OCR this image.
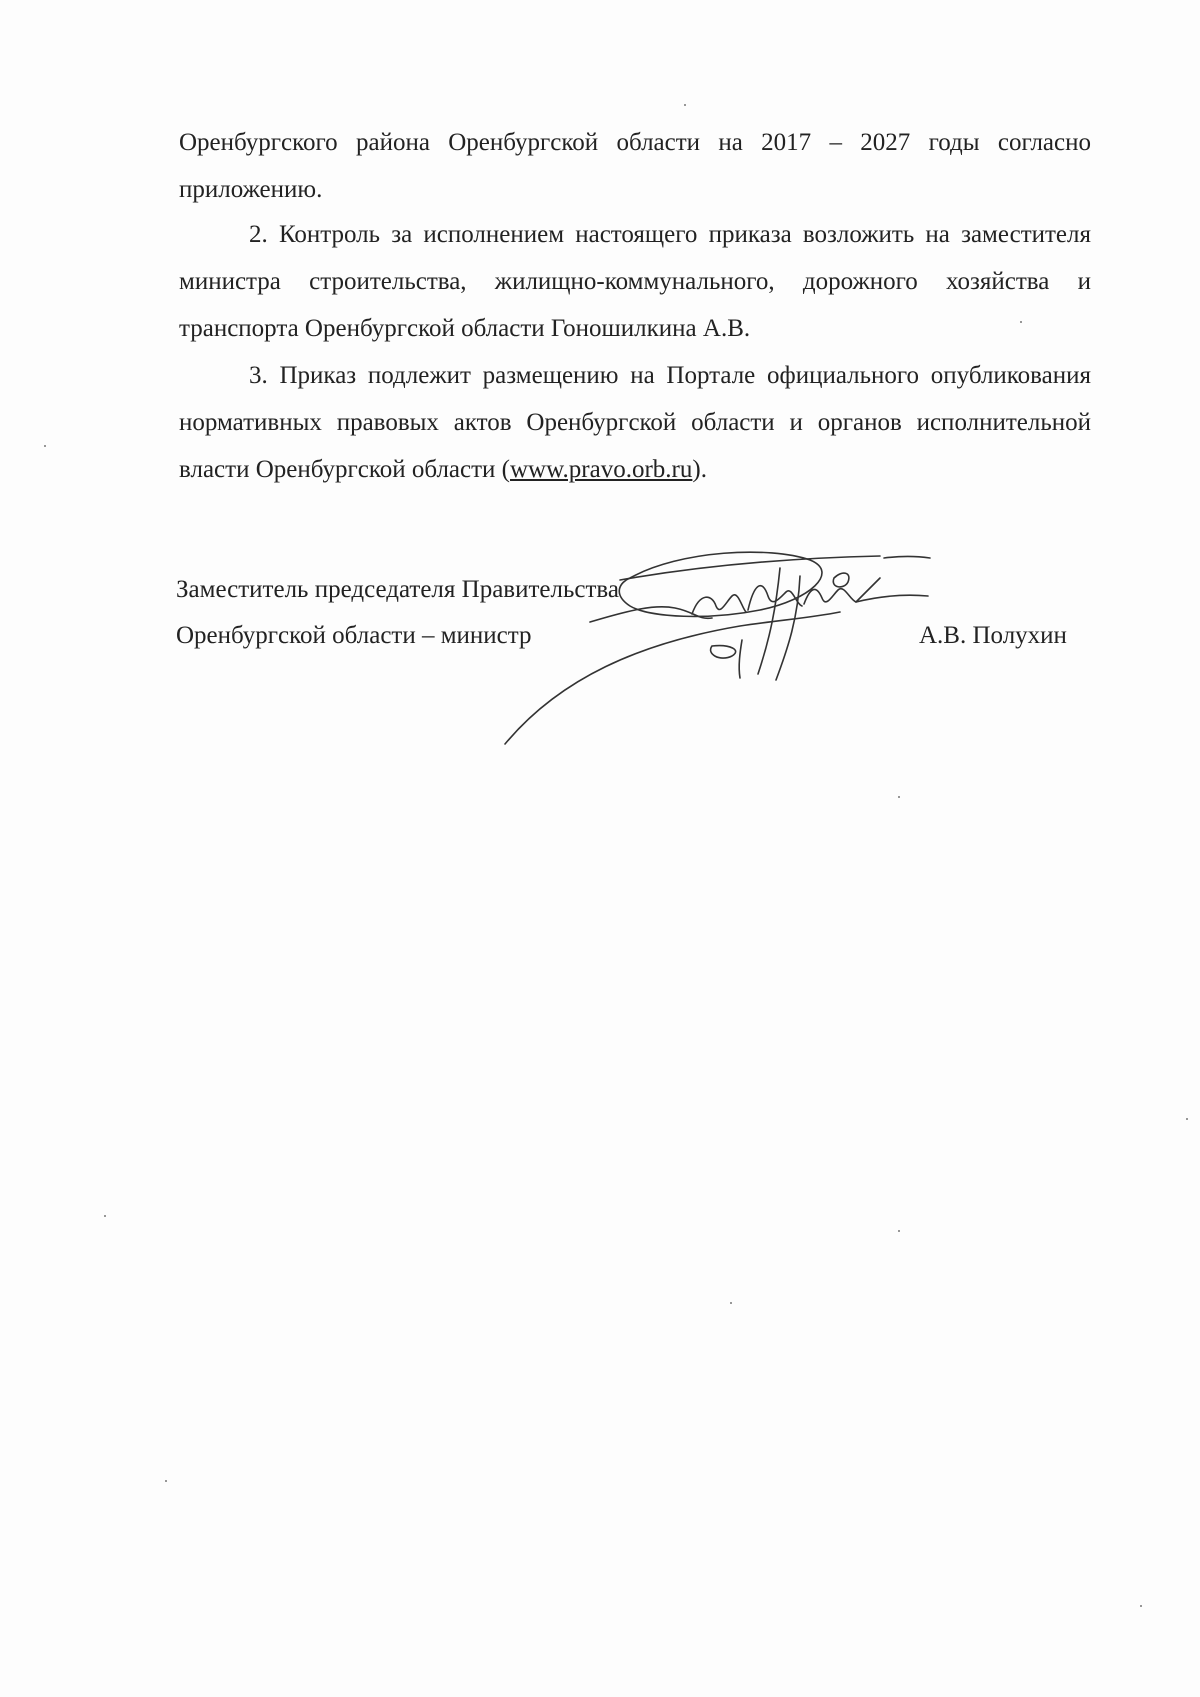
Оренбургского района Оренбургской области на 2017 – 2027 годы согласно приложению.

2. Контроль за исполнением настоящего приказа возложить на заместителя министра строительства, жилищно-коммунального, дорожного хозяйства и транспорта Оренбургской области Гоношилкина А.В.

3. Приказ подлежит размещению на Портале официального опубликования нормативных правовых актов Оренбургской области и органов исполнительной власти Оренбургской области (www.pravo.orb.ru).

Заместитель председателя Правительства
Оренбургской области – министр	А.В. Полухин
